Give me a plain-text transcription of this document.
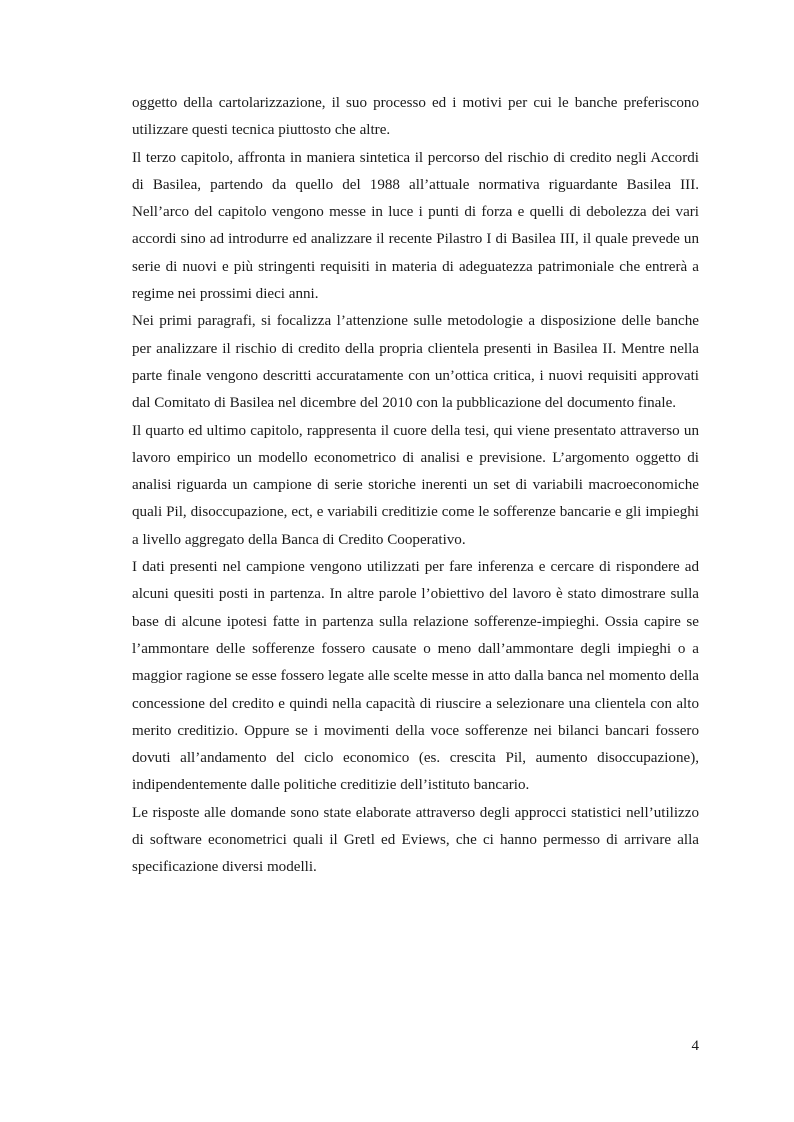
oggetto della cartolarizzazione, il suo processo ed i motivi per cui le banche preferiscono utilizzare questi tecnica piuttosto che altre.

Il terzo capitolo, affronta in maniera sintetica il percorso del rischio di credito negli Accordi di Basilea, partendo da quello del 1988 all’attuale normativa riguardante Basilea III. Nell’arco del capitolo vengono messe in luce i punti di forza e quelli di debolezza dei vari accordi sino ad introdurre ed analizzare il recente Pilastro I di Basilea III, il quale prevede un serie di nuovi e più stringenti requisiti in materia di adeguatezza patrimoniale che entrerà a regime nei prossimi dieci anni.

Nei primi paragrafi, si focalizza l’attenzione sulle metodologie a disposizione delle banche per analizzare il rischio di credito della propria clientela presenti in Basilea II. Mentre nella parte finale vengono descritti accuratamente con un’ottica critica, i nuovi requisiti approvati dal Comitato di Basilea nel dicembre del 2010 con la pubblicazione del documento finale.

Il quarto ed ultimo capitolo, rappresenta il cuore della tesi, qui viene presentato attraverso un lavoro empirico un modello econometrico di analisi e previsione. L’argomento oggetto di analisi riguarda un campione di serie storiche inerenti un set di variabili macroeconomiche quali Pil, disoccupazione, ect, e variabili creditizie come le sofferenze bancarie e gli impieghi a livello aggregato della Banca di Credito Cooperativo.

I dati presenti nel campione vengono utilizzati per fare inferenza e cercare di rispondere ad alcuni quesiti posti in partenza. In altre parole l’obiettivo del lavoro è stato dimostrare sulla base di alcune ipotesi fatte in partenza sulla relazione sofferenze-impieghi. Ossia capire se l’ammontare delle sofferenze fossero causate o meno dall’ammontare degli impieghi o a maggior ragione se esse fossero legate alle scelte messe in atto dalla banca nel momento della concessione del credito e quindi nella capacità di riuscire a selezionare una clientela con alto merito creditizio. Oppure se i movimenti della voce sofferenze nei bilanci bancari fossero dovuti all’andamento del ciclo economico (es. crescita Pil, aumento disoccupazione), indipendentemente dalle politiche creditizie dell’istituto bancario.

Le risposte alle domande sono state elaborate attraverso degli approcci statistici nell’utilizzo di software econometrici quali il Gretl ed Eviews, che ci hanno permesso di arrivare alla specificazione diversi modelli.

4
